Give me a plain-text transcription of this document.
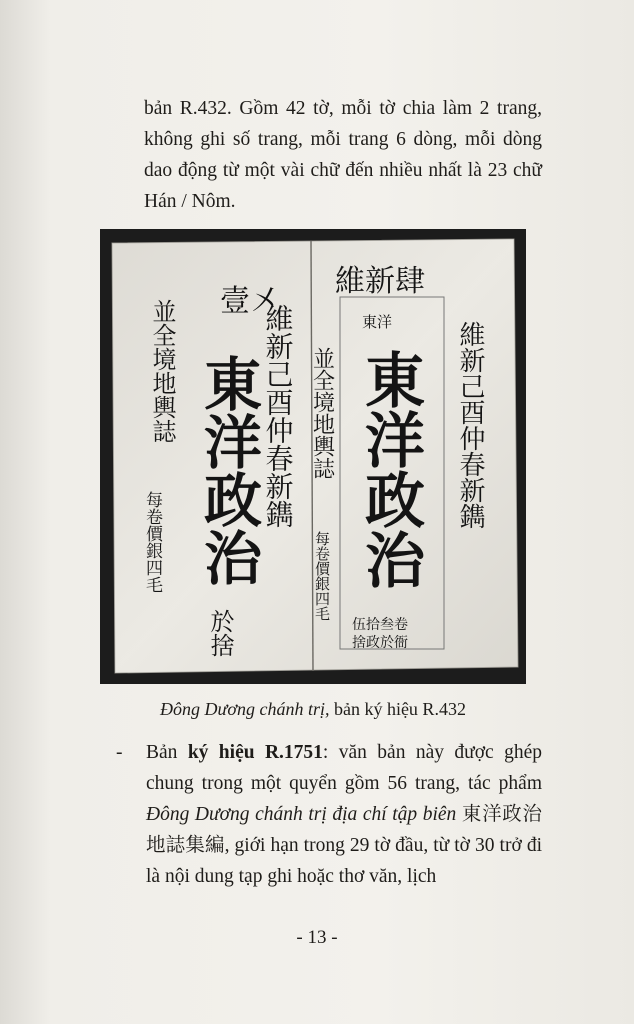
bản R.432. Gồm 42 tờ, mỗi tờ chia làm 2 trang, không ghi số trang, mỗi trang 6 dòng, mỗi dòng dao động từ một vài chữ đến nhiều nhất là 23 chữ Hán / Nôm.
壹㐅
並全境地輿誌 東洋政治 維新己酉仲春新鐫
每卷價銀四毛
於捨
維新肆
東洋
並全境地輿誌 東洋政治 維新己酉仲春新鐫
每卷價銀四毛
伍拾叁卷
捨政於衙
Đông Dương chánh trị, bản ký hiệu R.432
- Bản ký hiệu R.1751: văn bản này được ghép chung trong một quyển gồm 56 trang, tác phẩm Đông Dương chánh trị địa chí tập biên 東洋政治地誌集編, giới hạn trong 29 tờ đầu, từ tờ 30 trở đi là nội dung tạp ghi hoặc thơ văn, lịch
- 13 -
